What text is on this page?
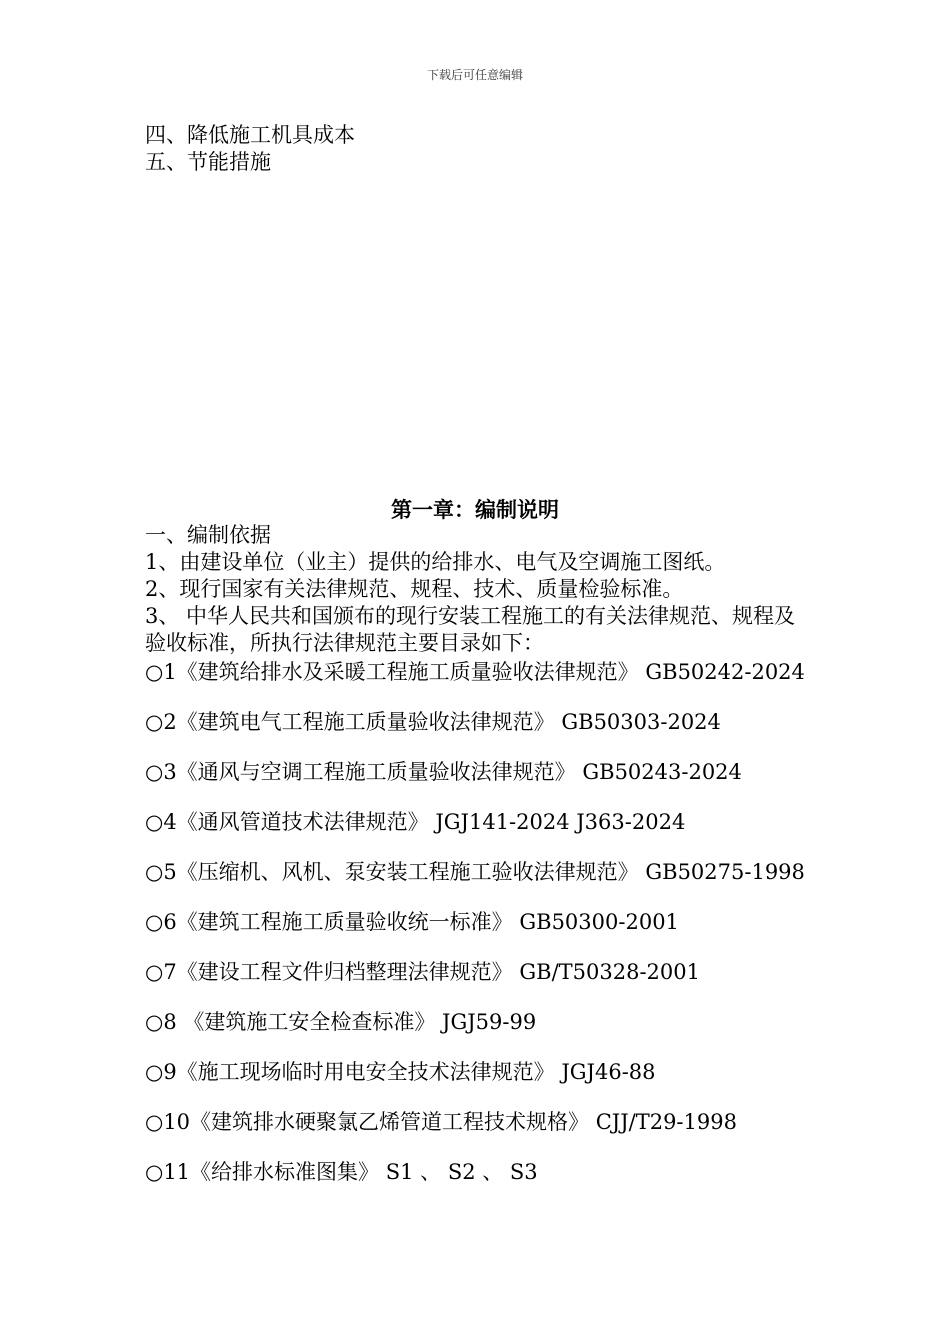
下载后可任意编辑
四、降低施工机具成本
五、节能措施
第一章：编制说明

一、编制依据

1、由建设单位（业主）提供的给排水、电气及空调施工图纸。

2、现行国家有关法律规范、规程、技术、质量检验标准。

3、 中华人民共和国颁布的现行安装工程施工的有关法律规范、规程及验收标准，所执行法律规范主要目录如下：

○1《建筑给排水及采暖工程施工质量验收法律规范》 GB50242-2024
○2《建筑电气工程施工质量验收法律规范》 GB50303-2024
○3《通风与空调工程施工质量验收法律规范》 GB50243-2024
○4《通风管道技术法律规范》 JGJ141-2024 J363-2024
○5《压缩机、风机、泵安装工程施工验收法律规范》 GB50275-1998
○6《建筑工程施工质量验收统一标准》 GB50300-2001
○7《建设工程文件归档整理法律规范》 GB/T50328-2001
○8 《建筑施工安全检查标准》 JGJ59-99
○9《施工现场临时用电安全技术法律规范》 JGJ46-88
○10《建筑排水硬聚氯乙烯管道工程技术规格》 CJJ/T29-1998
○11《给排水标准图集》 S1 、 S2 、 S3
